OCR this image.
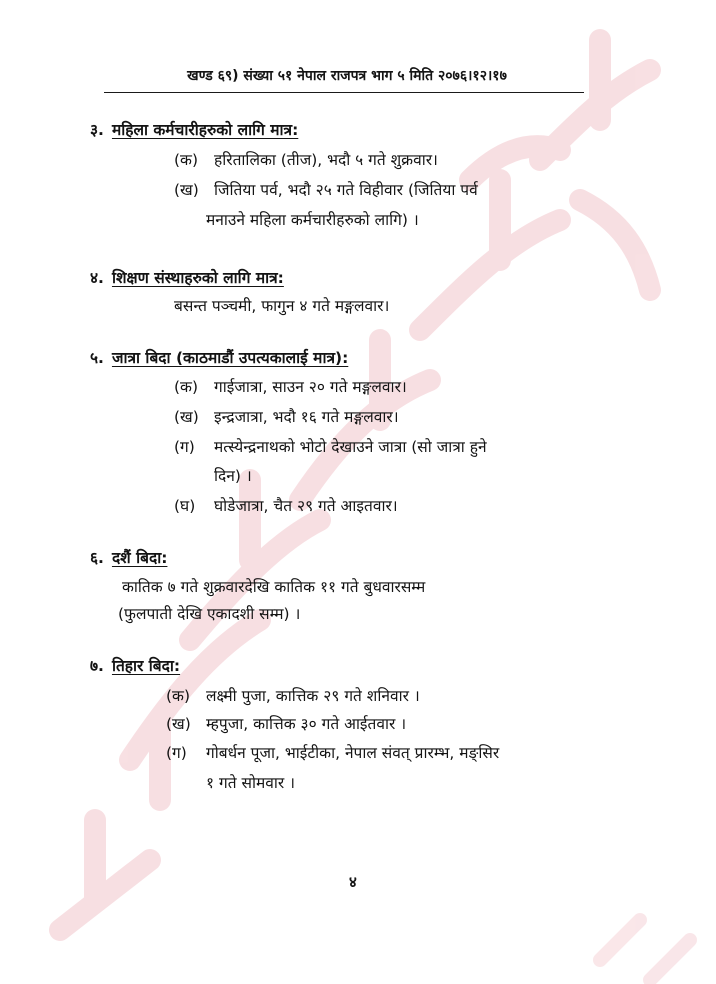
खण्ड ६९) संख्या ५१ नेपाल राजपत्र भाग ५ मिति २०७६।१२।१७
३. महिला कर्मचारीहरुको लागि मात्र:
(क) हरितालिका (तीज), भदौ ५ गते शुक्रवार।
(ख) जितिया पर्व, भदौ २५ गते विहीवार (जितिया पर्व
मनाउने महिला कर्मचारीहरुको लागि) ।
४. शिक्षण संस्थाहरुको लागि मात्र:
बसन्त पञ्चमी, फागुन ४ गते मङ्गलवार।
५. जात्रा बिदा (काठमाडौं उपत्यकालाई मात्र):
(क) गाईजात्रा, साउन २० गते मङ्गलवार।
(ख) इन्द्रजात्रा, भदौ १६ गते मङ्गलवार।
(ग) मत्स्येन्द्रनाथको भोटो देखाउने जात्रा (सो जात्रा हुने
दिन) ।
(घ) घोडेजात्रा, चैत २९ गते आइतवार।
६. दशैं बिदा:
कातिक ७ गते शुक्रवारदेखि कातिक ११ गते बुधवारसम्म
(फुलपाती देखि एकादशी सम्म) ।
७. तिहार बिदा:
(क) लक्ष्मी पुजा, कात्तिक २९ गते शनिवार ।
(ख) म्हपुजा, कात्तिक ३० गते आईतवार ।
(ग) गोबर्धन पूजा, भाईटीका, नेपाल संवत् प्रारम्भ, मङ्सिर
१ गते सोमवार ।
४
